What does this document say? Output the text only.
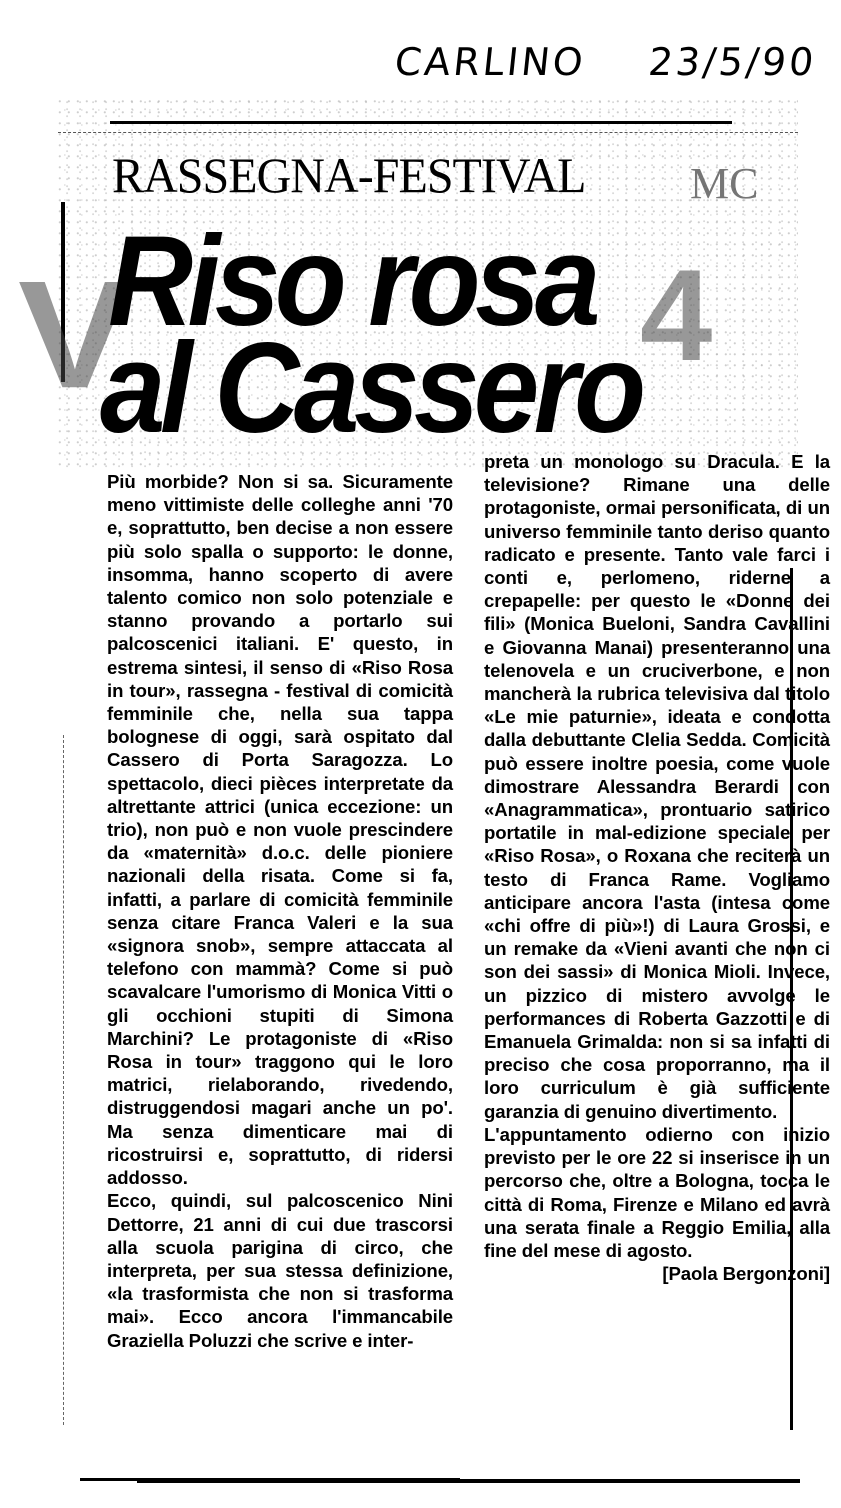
CARLINO 23/5/90
RASSEGNA-FESTIVAL MC
V	4
Riso rosa
al Cassero

Più morbide? Non si sa. Sicuramente meno vittimiste delle colleghe anni '70 e, soprattutto, ben decise a non essere più solo spalla o supporto: le donne, insomma, hanno scoperto di avere talento comico non solo potenziale e stanno provando a portarlo sui palcoscenici italiani. E' questo, in estrema sintesi, il senso di «Riso Rosa in tour», rassegna - festival di comicità femminile che, nella sua tappa bolognese di oggi, sarà ospitato dal Cassero di Porta Saragozza. Lo spettacolo, dieci pièces interpretate da altrettante attrici (unica eccezione: un trio), non può e non vuole prescindere da «maternità» d.o.c. delle pioniere nazionali della risata. Come si fa, infatti, a parlare di comicità femminile senza citare Franca Valeri e la sua «signora snob», sempre attaccata al telefono con mammà? Come si può scavalcare l'umorismo di Monica Vitti o gli occhioni stupiti di Simona Marchini? Le protagoniste di «Riso Rosa in tour» traggono qui le loro matrici, rielaborando, rivedendo, distruggendosi magari anche un po'. Ma senza dimenticare mai di ricostruirsi e, soprattutto, di ridersi addosso.

Ecco, quindi, sul palcoscenico Nini Dettorre, 21 anni di cui due trascorsi alla scuola parigina di circo, che interpreta, per sua stessa definizione, «la trasformista che non si trasforma mai». Ecco ancora l'immancabile Graziella Poluzzi che scrive e inter-

preta un monologo su Dracula. E la televisione? Rimane una delle protagoniste, ormai personificata, di un universo femminile tanto deriso quanto radicato e presente. Tanto vale farci i conti e, perlomeno, riderne a crepapelle: per questo le «Donne dei fili» (Monica Bueloni, Sandra Cavallini e Giovanna Manai) presenteranno una telenovela e un cruciverbone, e non mancherà la rubrica televisiva dal titolo «Le mie paturnie», ideata e condotta dalla debuttante Clelia Sedda. Comicità può essere inoltre poesia, come vuole dimostrare Alessandra Berardi con «Anagrammatica», prontuario satirico portatile in mal-edizione speciale per «Riso Rosa», o Roxana che reciterà un testo di Franca Rame. Vogliamo anticipare ancora l'asta (intesa come «chi offre di più»!) di Laura Grossi, e un remake da «Vieni avanti che non ci son dei sassi» di Monica Mioli. Invece, un pizzico di mistero avvolge le performances di Roberta Gazzotti e di Emanuela Grimalda: non si sa infatti di preciso che cosa proporranno, ma il loro curriculum è già sufficiente garanzia di genuino divertimento.

L'appuntamento odierno con inizio previsto per le ore 22 si inserisce in un percorso che, oltre a Bologna, tocca le città di Roma, Firenze e Milano ed avrà una serata finale a Reggio Emilia, alla fine del mese di agosto.

[Paola Bergonzoni]
